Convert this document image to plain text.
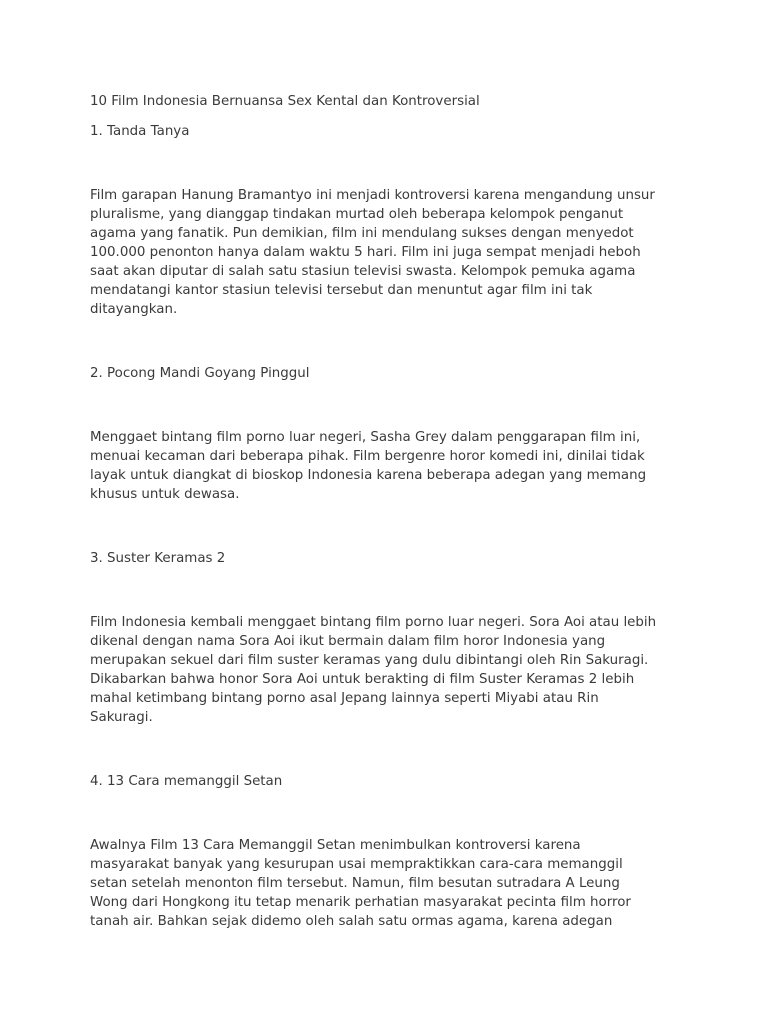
10 Film Indonesia Bernuansa Sex Kental dan Kontroversial
1. Tanda Tanya
Film garapan Hanung Bramantyo ini menjadi kontroversi karena mengandung unsur
pluralisme, yang dianggap tindakan murtad oleh beberapa kelompok penganut
agama yang fanatik. Pun demikian, film ini mendulang sukses dengan menyedot
100.000 penonton hanya dalam waktu 5 hari. Film ini juga sempat menjadi heboh
saat akan diputar di salah satu stasiun televisi swasta. Kelompok pemuka agama
mendatangi kantor stasiun televisi tersebut dan menuntut agar film ini tak
ditayangkan.
2. Pocong Mandi Goyang Pinggul
Menggaet bintang film porno luar negeri, Sasha Grey dalam penggarapan film ini,
menuai kecaman dari beberapa pihak. Film bergenre horor komedi ini, dinilai tidak
layak untuk diangkat di bioskop Indonesia karena beberapa adegan yang memang
khusus untuk dewasa.
3. Suster Keramas 2
Film Indonesia kembali menggaet bintang film porno luar negeri. Sora Aoi atau lebih
dikenal dengan nama Sora Aoi ikut bermain dalam film horor Indonesia yang
merupakan sekuel dari film suster keramas yang dulu dibintangi oleh Rin Sakuragi.
Dikabarkan bahwa honor Sora Aoi untuk berakting di film Suster Keramas 2 lebih
mahal ketimbang bintang porno asal Jepang lainnya seperti Miyabi atau Rin
Sakuragi.
4. 13 Cara memanggil Setan
Awalnya Film 13 Cara Memanggil Setan menimbulkan kontroversi karena
masyarakat banyak yang kesurupan usai mempraktikkan cara-cara memanggil
setan setelah menonton film tersebut. Namun, film besutan sutradara A Leung
Wong dari Hongkong itu tetap menarik perhatian masyarakat pecinta film horror
tanah air. Bahkan sejak didemo oleh salah satu ormas agama, karena adegan
